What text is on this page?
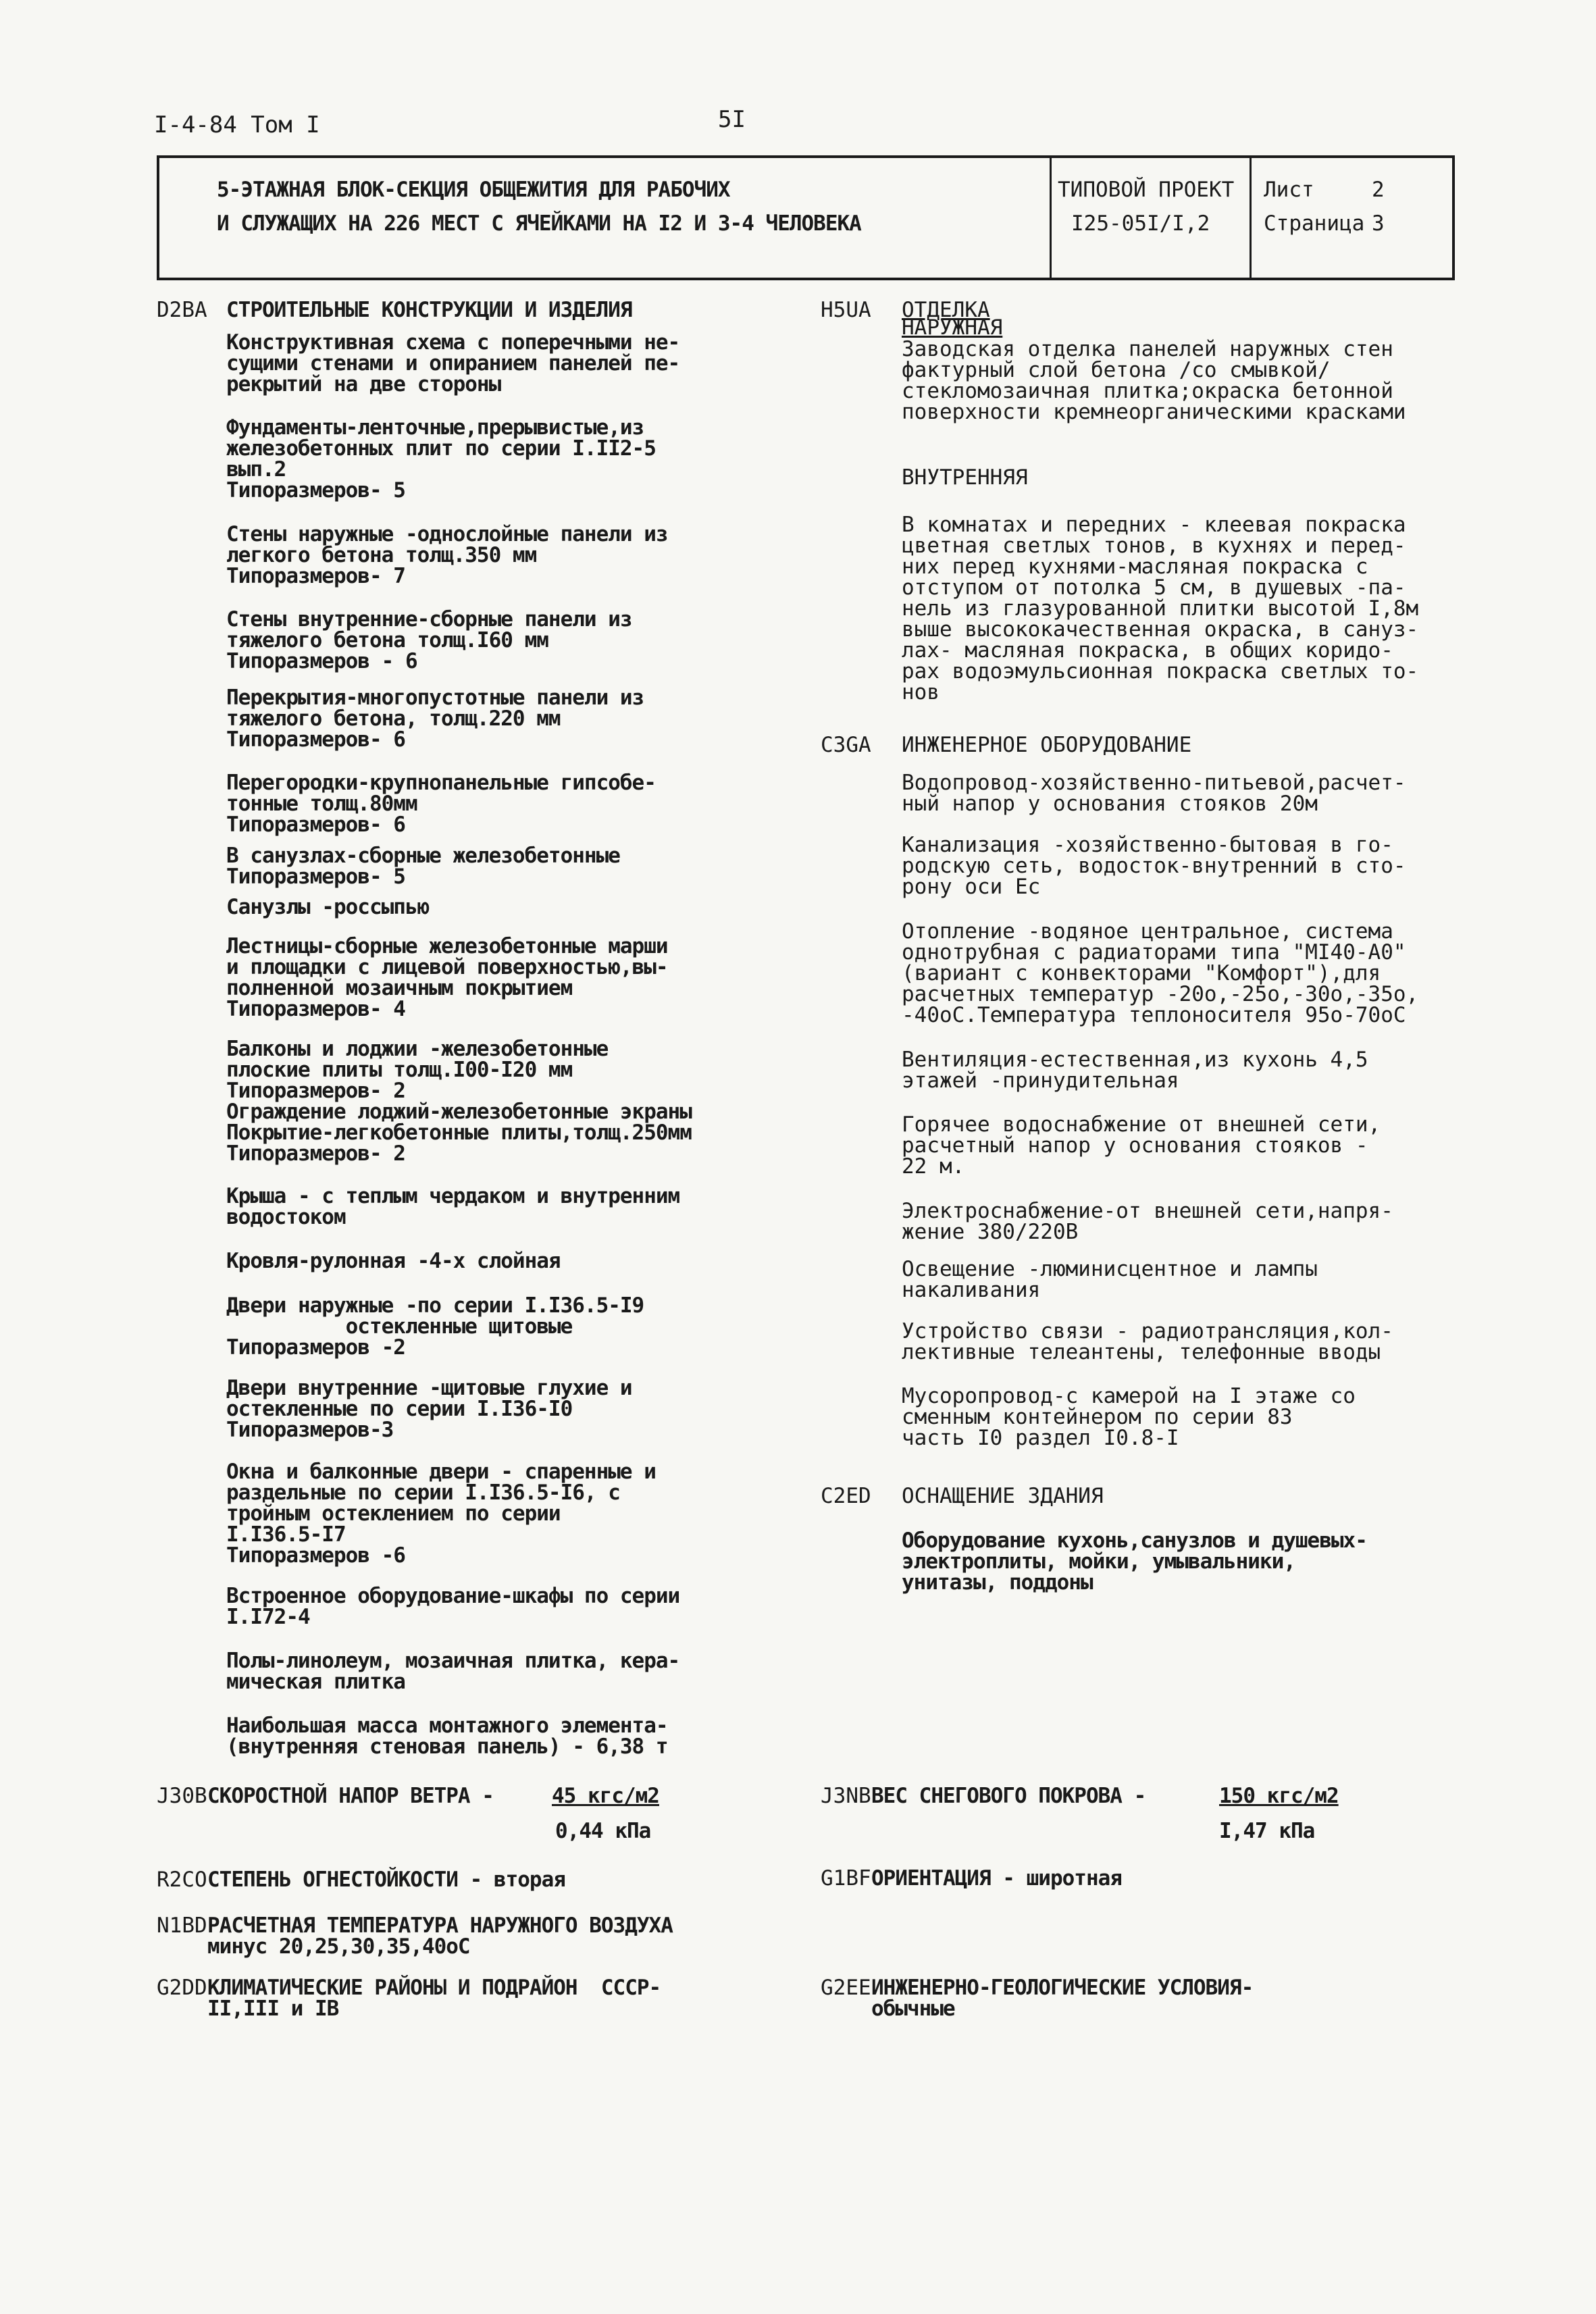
I-4-84 Том I	5I
5-ЭТАЖНАЯ БЛОК-СЕКЦИЯ ОБЩЕЖИТИЯ ДЛЯ РАБОЧИХ
И СЛУЖАЩИХ НА 226 МЕСТ С ЯЧЕЙКАМИ НА I2 И 3-4 ЧЕЛОВЕКА
ТИПОВОЙ ПРОЕКТ
I25-05I/I,2
Лист	2
Страница 3
D2BA СТРОИТЕЛЬНЫЕ КОНСТРУКЦИИ И ИЗДЕЛИЯ
Конструктивная схема с поперечными не-
сущими стенами и опиранием панелей пе-
рекрытий на две стороны
Фундаменты-ленточные,прерывистые,из
железобетонных плит по серии I.II2-5
вып.2
Типоразмеров- 5
Стены наружные -однослойные панели из
легкого бетона толщ.350 мм
Типоразмеров- 7
Стены внутренние-сборные панели из
тяжелого бетона толщ.I60 мм
Типоразмеров - 6
Перекрытия-многопустотные панели из
тяжелого бетона, толщ.220 мм
Типоразмеров- 6
Перегородки-крупнопанельные гипсобе-
тонные толщ.80мм
Типоразмеров- 6
В санузлах-сборные железобетонные
Типоразмеров- 5
Санузлы -россыпью
Лестницы-сборные железобетонные марши
и площадки с лицевой поверхностью,вы-
полненной мозаичным покрытием
Типоразмеров- 4
Балконы и лоджии -железобетонные
плоские плиты толщ.I00-I20 мм
Типоразмеров- 2
Ограждение лоджий-железобетонные экраны
Покрытие-легкобетонные плиты,толщ.250мм
Типоразмеров- 2
Крыша - с теплым чердаком и внутренним
водостоком
Кровля-рулонная -4-х слойная
Двери наружные -по серии I.I36.5-I9
остекленные щитовые
Типоразмеров -2
Двери внутренние -щитовые глухие и
остекленные по серии I.I36-I0
Типоразмеров-3
Окна и балконные двери - спаренные и
раздельные по серии I.I36.5-I6, с
тройным остеклением по серии
I.I36.5-I7
Типоразмеров -6
Встроенное оборудование-шкафы по серии
I.I72-4
Полы-линолеум, мозаичная плитка, кера-
мическая плитка
Наибольшая масса монтажного элемента-
(внутренняя стеновая панель) - 6,38 т
J30B СКОРОСТНОЙ НАПОР ВЕТРА -	45 кгс/м2
0,44 кПа
R2CO СТЕПЕНЬ ОГНЕСТОЙКОСТИ - вторая
N1BD РАСЧЕТНАЯ ТЕМПЕРАТУРА НАРУЖНОГО ВОЗДУХА
минус 20,25,30,35,40оС
G2DD КЛИМАТИЧЕСКИЕ РАЙОНЫ И ПОДРАЙОН  СССР-
II,III и IВ
H5UA ОТДЕЛКА
НАРУЖНАЯ
Заводская отделка панелей наружных стен
фактурный слой бетона /со смывкой/
стекломозаичная плитка;окраска бетонной
поверхности кремнеорганическими красками
ВНУТРЕННЯЯ
В комнатах и передних - клеевая покраска
цветная светлых тонов, в кухнях и перед-
них перед кухнями-масляная покраска с
отступом от потолка 5 см, в душевых -па-
нель из глазурованной плитки высотой I,8м
выше высококачественная окраска, в сануз-
лах- масляная покраска, в общих коридо-
рах водоэмульсионная покраска светлых то-
нов
C3GA ИНЖЕНЕРНОЕ ОБОРУДОВАНИЕ
Водопровод-хозяйственно-питьевой,расчет-
ный напор у основания стояков 20м
Канализация -хозяйственно-бытовая в го-
родскую сеть, водосток-внутренний в сто-
рону оси Ес
Отопление -водяное центральное, система
однотрубная с радиаторами типа "МI40-А0"
(вариант с конвекторами "Комфорт"),для
расчетных температур -20о,-25о,-30о,-35о,
-40оС.Температура теплоносителя 95о-70оС
Вентиляция-естественная,из кухонь 4,5
этажей -принудительная
Горячее водоснабжение от внешней сети,
расчетный напор у основания стояков -
22 м.
Электроснабжение-от внешней сети,напря-
жение 380/220В
Освещение -люминисцентное и лампы
накаливания
Устройство связи - радиотрансляция,кол-
лективные телеантены, телефонные вводы
Мусоропровод-с камерой на I этаже со
сменным контейнером по серии 83
часть I0 раздел I0.8-I
C2ED ОСНАЩЕНИЕ ЗДАНИЯ
Оборудование кухонь,санузлов и душевых-
электроплиты, мойки, умывальники,
унитазы, поддоны
J3NB ВЕС СНЕГОВОГО ПОКРОВА -	150 кгс/м2
I,47 кПа
G1BF ОРИЕНТАЦИЯ - широтная
G2EE ИНЖЕНЕРНО-ГЕОЛОГИЧЕСКИЕ УСЛОВИЯ-
обычные
